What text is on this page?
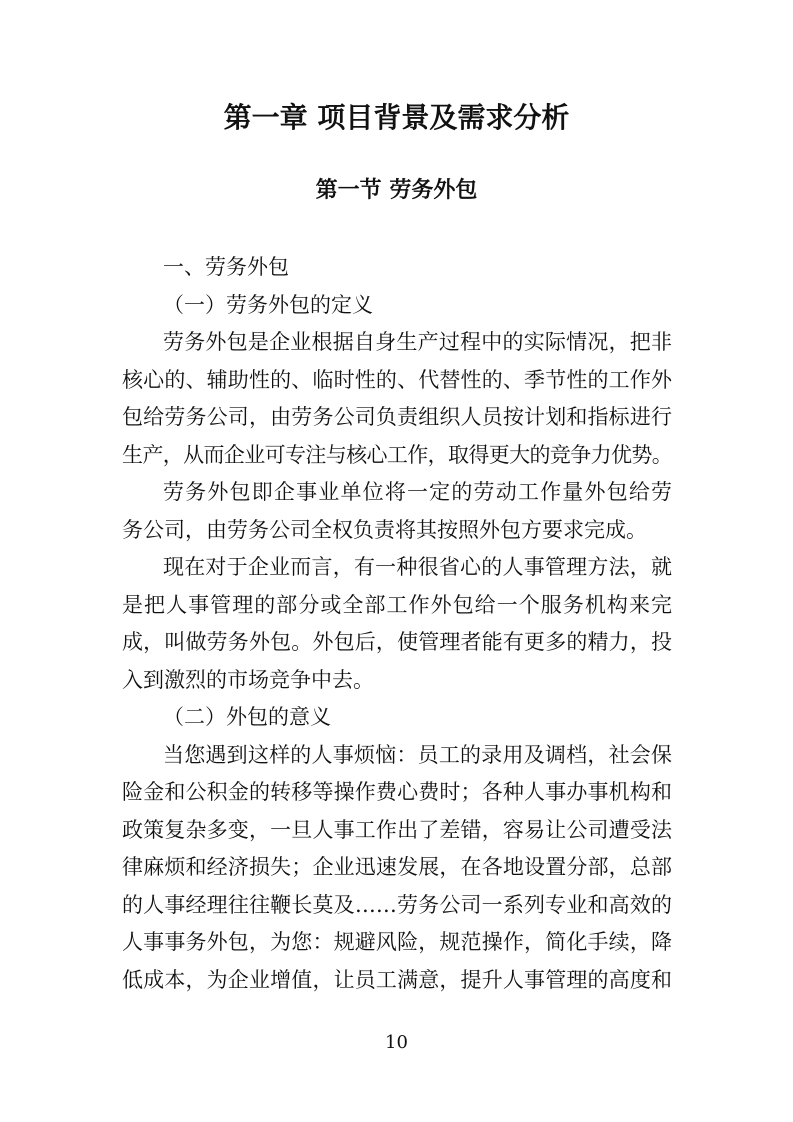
第一章 项目背景及需求分析
第一节 劳务外包
一、劳务外包
（一）劳务外包的定义
劳务外包是企业根据自身生产过程中的实际情况，把非
核心的、辅助性的、临时性的、代替性的、季节性的工作外
包给劳务公司，由劳务公司负责组织人员按计划和指标进行
生产，从而企业可专注与核心工作，取得更大的竞争力优势。
劳务外包即企事业单位将一定的劳动工作量外包给劳
务公司，由劳务公司全权负责将其按照外包方要求完成。
现在对于企业而言，有一种很省心的人事管理方法，就
是把人事管理的部分或全部工作外包给一个服务机构来完
成，叫做劳务外包。外包后，使管理者能有更多的精力，投
入到激烈的市场竞争中去。
（二）外包的意义
当您遇到这样的人事烦恼：员工的录用及调档，社会保
险金和公积金的转移等操作费心费时；各种人事办事机构和
政策复杂多变，一旦人事工作出了差错，容易让公司遭受法
律麻烦和经济损失；企业迅速发展，在各地设置分部，总部
的人事经理往往鞭长莫及……劳务公司一系列专业和高效的
人事事务外包，为您：规避风险，规范操作，简化手续，降
低成本，为企业增值，让员工满意，提升人事管理的高度和
10
